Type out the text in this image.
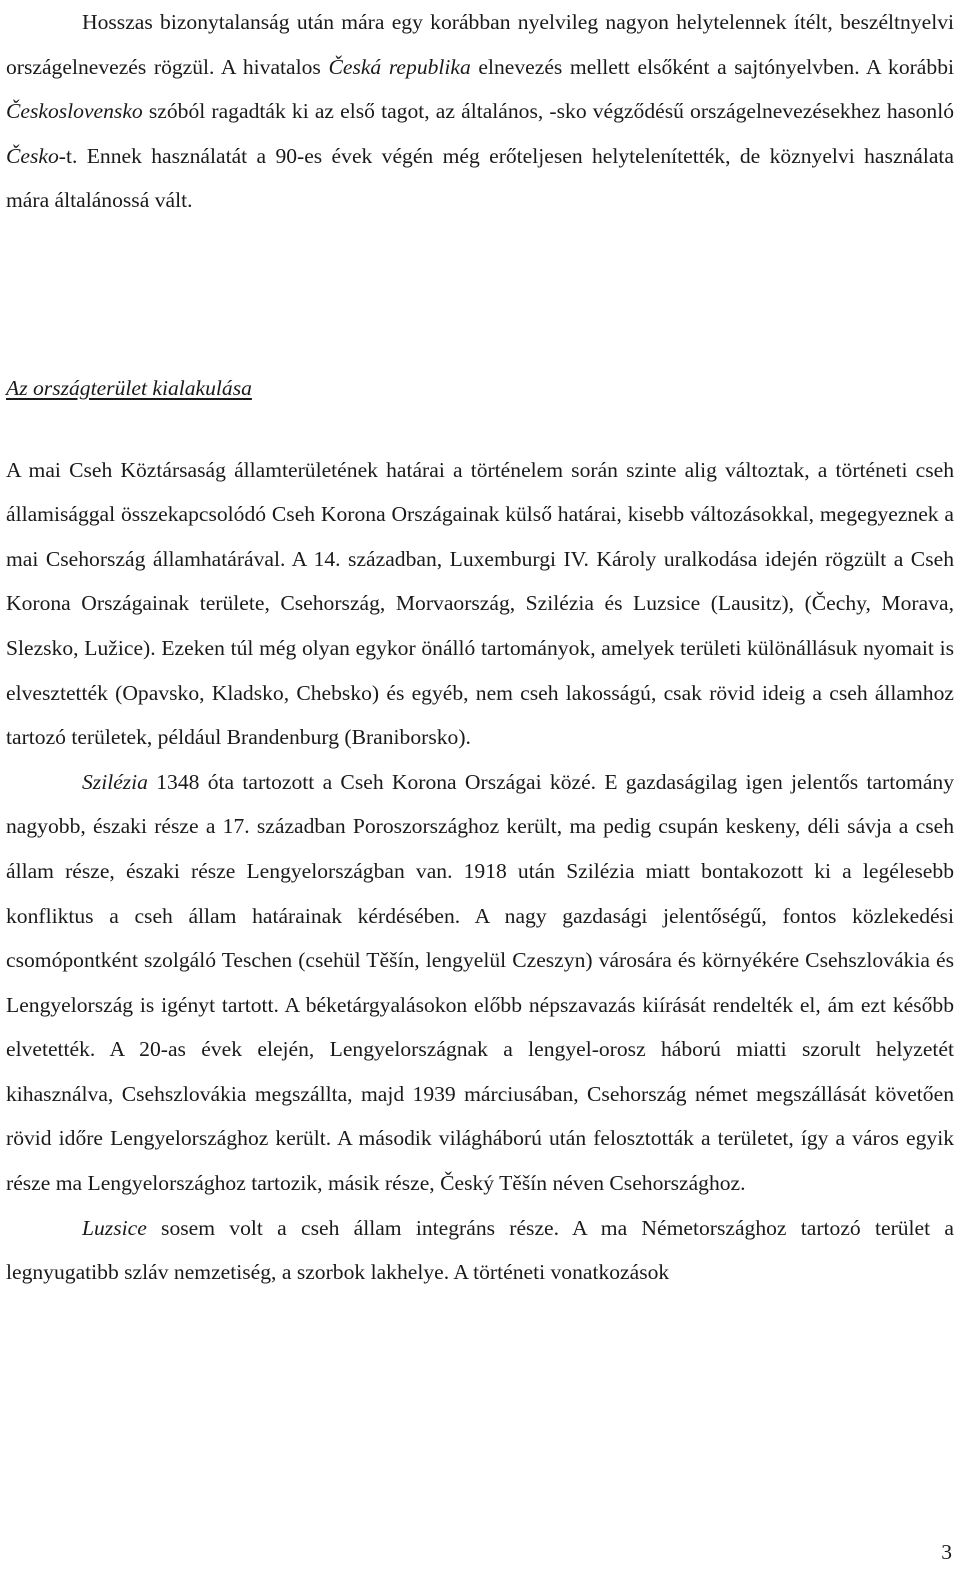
Hosszas bizonytalanság után mára egy korábban nyelvileg nagyon helytelennek ítélt, beszéltnyelvi országelnevezés rögzül. A hivatalos Česká republika elnevezés mellett elsőként a sajtónyelvben. A korábbi Československo szóból ragadták ki az első tagot, az általános, -sko végződésű országelnevezésekhez hasonló Česko-t. Ennek használatát a 90-es évek végén még erőteljesen helytelenítették, de köznyelvi használata mára általánossá vált.

Az országterület kialakulása

A mai Cseh Köztársaság államterületének határai a történelem során szinte alig változtak, a történeti cseh államisággal összekapcsolódó Cseh Korona Országainak külső határai, kisebb változásokkal, megegyeznek a mai Csehország államhatárával. A 14. században, Luxemburgi IV. Károly uralkodása idején rögzült a Cseh Korona Országainak területe, Csehország, Morvaország, Szilézia és Luzsice (Lausitz), (Čechy, Morava, Slezsko, Lužice). Ezeken túl még olyan egykor önálló tartományok, amelyek területi különállásuk nyomait is elvesztették (Opavsko, Kladsko, Chebsko) és egyéb, nem cseh lakosságú, csak rövid ideig a cseh államhoz tartozó területek, például Brandenburg (Braniborsko).

Szilézia 1348 óta tartozott a Cseh Korona Országai közé. E gazdaságilag igen jelentős tartomány nagyobb, északi része a 17. században Poroszországhoz került, ma pedig csupán keskeny, déli sávja a cseh állam része, északi része Lengyelországban van. 1918 után Szilézia miatt bontakozott ki a legélesebb konfliktus a cseh állam határainak kérdésében. A nagy gazdasági jelentőségű, fontos közlekedési csomópontként szolgáló Teschen (csehül Těšín, lengyelül Czeszyn) városára és környékére Csehszlovákia és Lengyelország is igényt tartott. A béketárgyalásokon előbb népszavazás kiírását rendelték el, ám ezt később elvetették. A 20-as évek elején, Lengyelországnak a lengyel-orosz háború miatti szorult helyzetét kihasználva, Csehszlovákia megszállta, majd 1939 márciusában, Csehország német megszállását követően rövid időre Lengyelországhoz került. A második világháború után felosztották a területet, így a város egyik része ma Lengyelországhoz tartozik, másik része, Český Těšín néven Csehországhoz.

Luzsice sosem volt a cseh állam integráns része. A ma Németországhoz tartozó terület a legnyugatibb szláv nemzetiség, a szorbok lakhelye. A történeti vonatkozások

3
